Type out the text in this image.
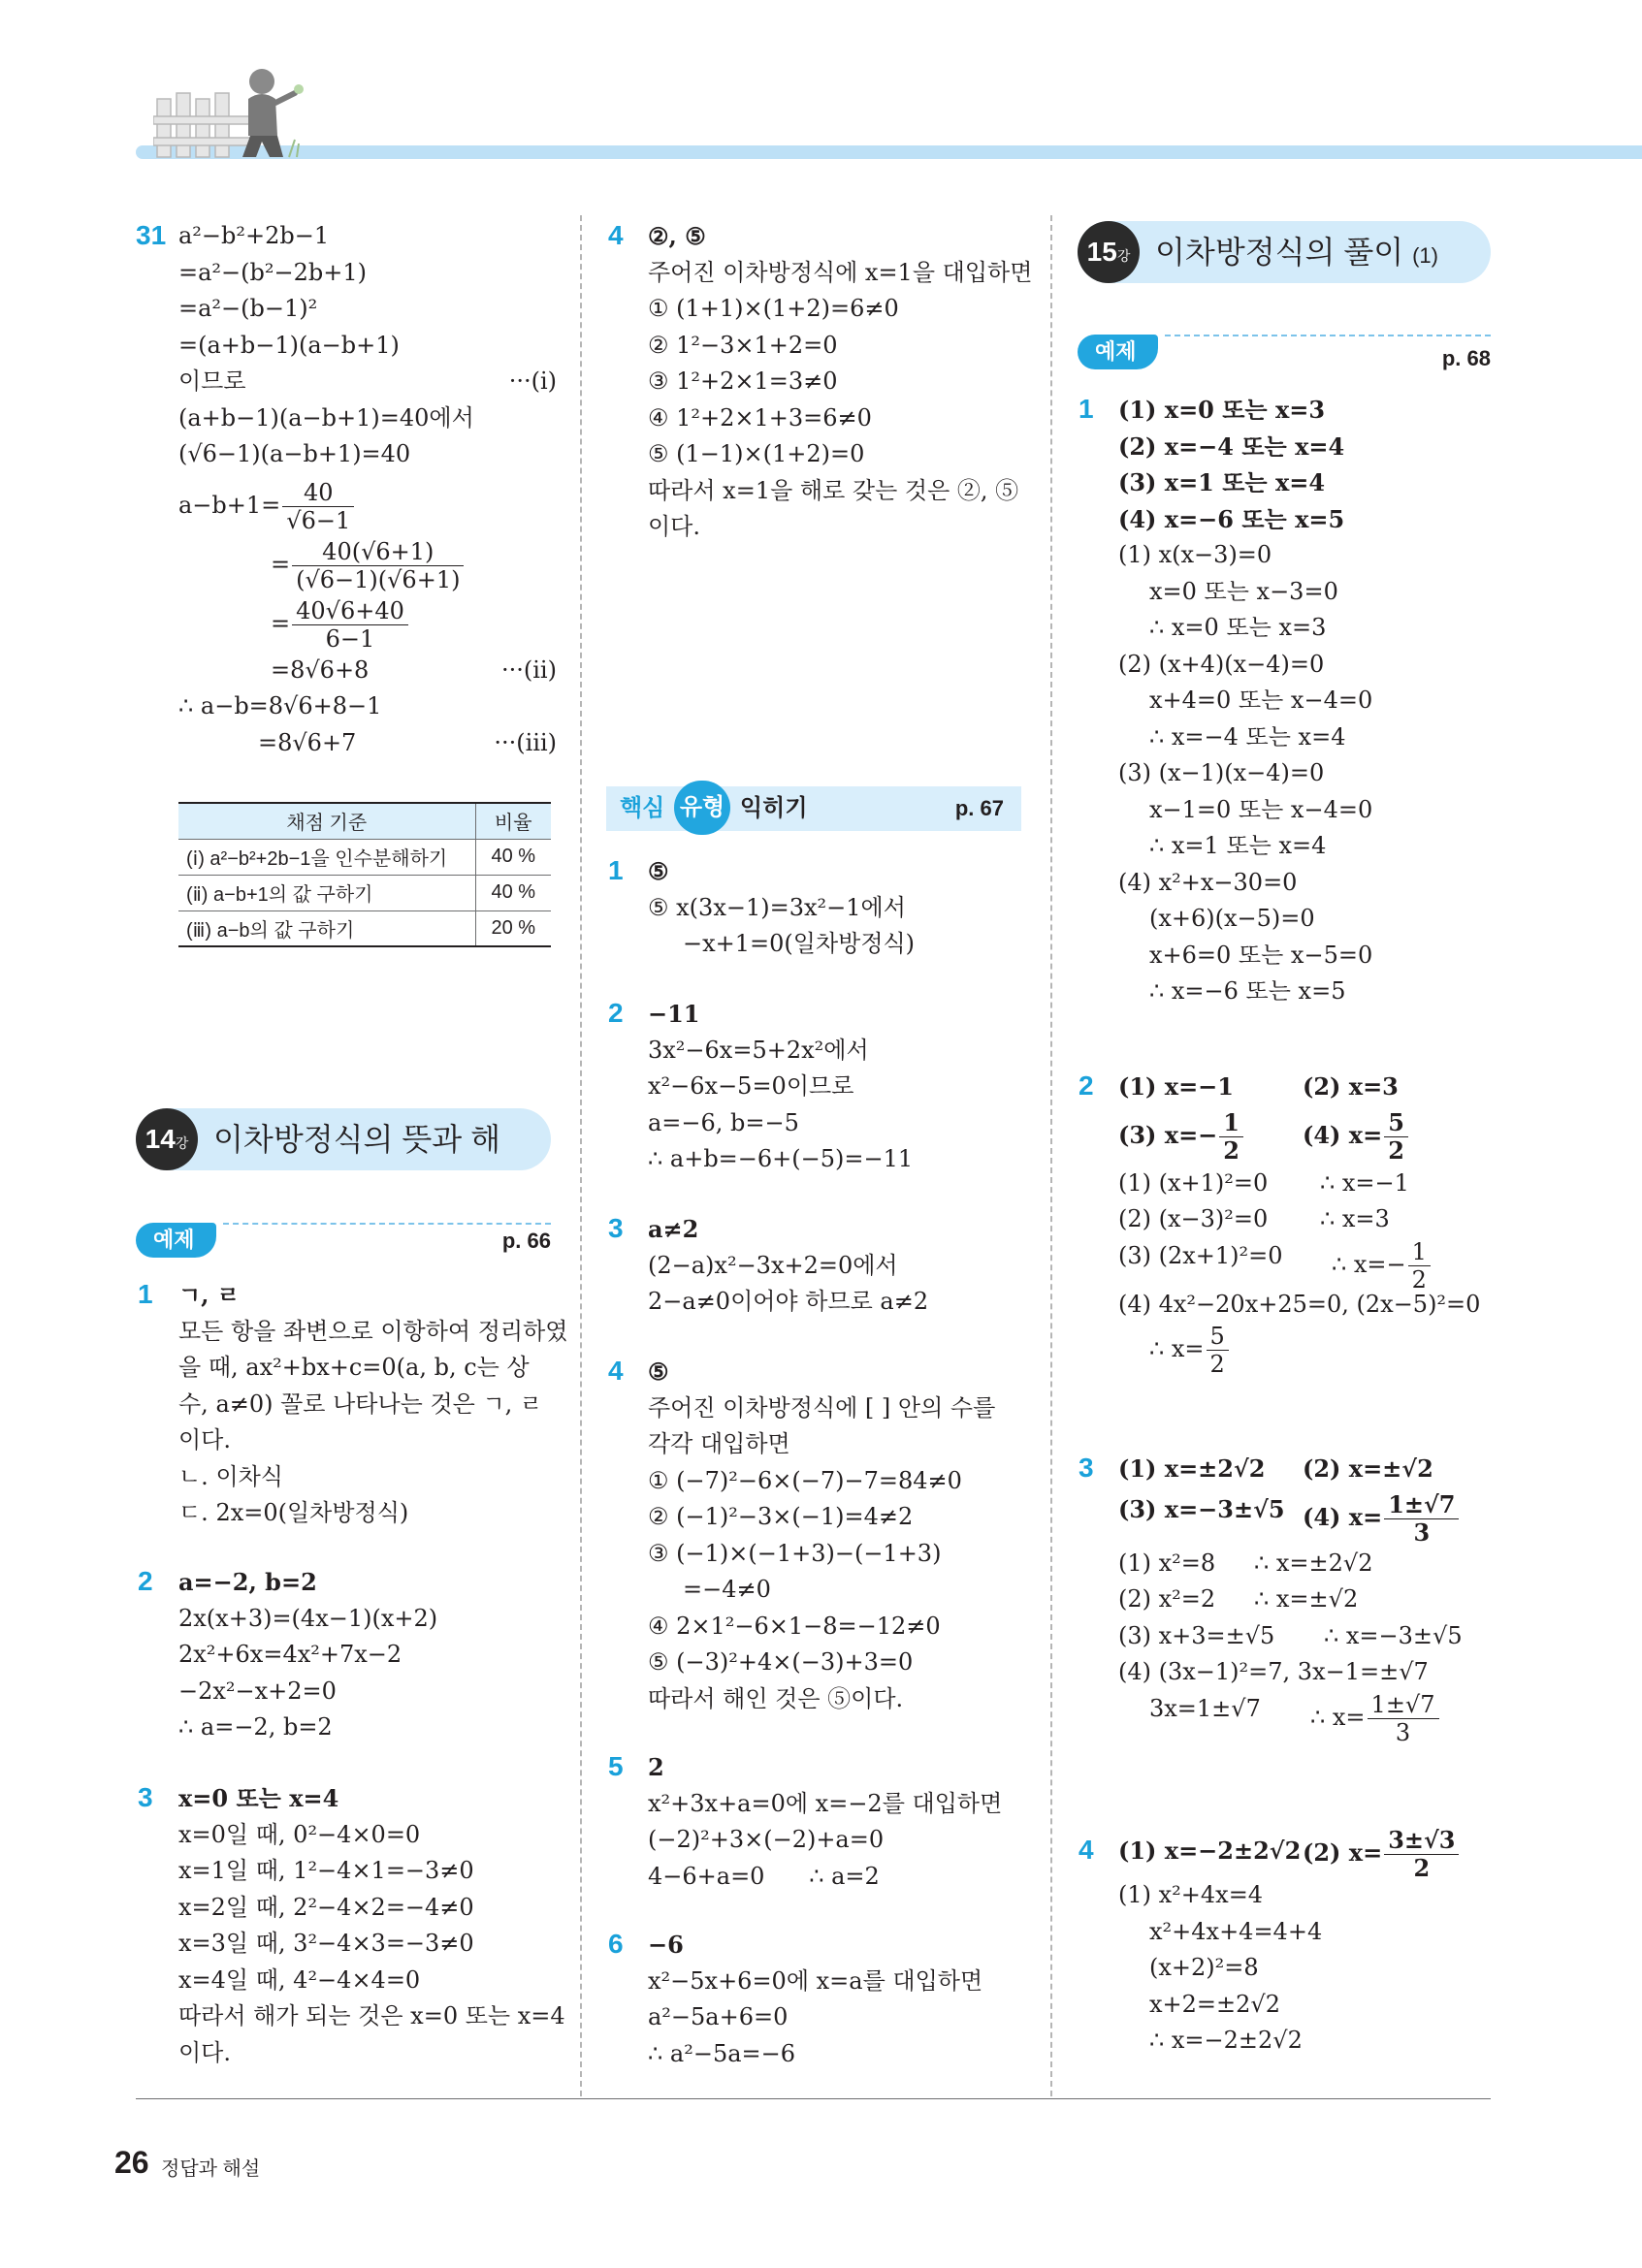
31 a²−b²+2b−1
=a²−(b²−2b+1)
=a²−(b−1)²
=(a+b−1)(a−b+1)
이므로	···(ⅰ)
(a+b−1)(a−b+1)=40에서
(√6−1)(a−b+1)=40
$a-b+1= \frac{40}{√6-1}$
= $\frac{40(√6+1)}{(√6-1)(√6+1)}$
= $\frac{40√6+40}{6-1}$
=8√6+8	···(ⅱ)
∴ a−b=8√6+8−1
=8√6+7	···(ⅲ)
채점 기준	비율
(ⅰ) a²−b²+2b−1을 인수분해하기	40 %
(ⅱ) a−b+1의 값 구하기	40 %
(ⅲ) a−b의 값 구하기	20 %
14강 이차방정식의 뜻과 해
예제	p. 66
1 ㄱ, ㄹ
모든 항을 좌변으로 이항하여 정리하였
을 때, ax²+bx+c=0(a, b, c는 상
수, a≠0) 꼴로 나타나는 것은 ㄱ, ㄹ
이다.
ㄴ. 이차식
ㄷ. 2x=0(일차방정식)
2 a=−2, b=2
2x(x+3)=(4x−1)(x+2)
2x²+6x=4x²+7x−2
−2x²−x+2=0
∴ a=−2, b=2
3 x=0 또는 x=4
x=0일 때, 0²−4×0=0
x=1일 때, 1²−4×1=−3≠0
x=2일 때, 2²−4×2=−4≠0
x=3일 때, 3²−4×3=−3≠0
x=4일 때, 4²−4×4=0
따라서 해가 되는 것은 x=0 또는 x=4
이다.
4 ②, ⑤
주어진 이차방정식에 x=1을 대입하면
① (1+1)×(1+2)=6≠0
② 1²−3×1+2=0
③ 1²+2×1=3≠0
④ 1²+2×1+3=6≠0
⑤ (1−1)×(1+2)=0
따라서 x=1을 해로 갖는 것은 ②, ⑤
이다.
핵심 유형 익히기	p. 67
1 ⑤
⑤ x(3x−1)=3x²−1에서
−x+1=0(일차방정식)
2 −11
3x²−6x=5+2x²에서
x²−6x−5=0이므로
a=−6, b=−5
∴ a+b=−6+(−5)=−11
3 a≠2
(2−a)x²−3x+2=0에서
2−a≠0이어야 하므로 a≠2
4 ⑤
주어진 이차방정식에 [ ] 안의 수를
각각 대입하면
① (−7)²−6×(−7)−7=84≠0
② (−1)²−3×(−1)=4≠2
③ (−1)×(−1+3)−(−1+3)
=−4≠0
④ 2×1²−6×1−8=−12≠0
⑤ (−3)²+4×(−3)+3=0
따라서 해인 것은 ⑤이다.
5 2
x²+3x+a=0에 x=−2를 대입하면
(−2)²+3×(−2)+a=0
4−6+a=0      ∴ a=2
6 −6
x²−5x+6=0에 x=a를 대입하면
a²−5a+6=0
∴ a²−5a=−6
15강 이차방정식의 풀이 (1)
예제	p. 68
1 (1) x=0 또는 x=3
(2) x=−4 또는 x=4
(3) x=1 또는 x=4
(4) x=−6 또는 x=5
(1) x(x−3)=0
x=0 또는 x−3=0
∴ x=0 또는 x=3
(2) (x+4)(x−4)=0
x+4=0 또는 x−4=0
∴ x=−4 또는 x=4
(3) (x−1)(x−4)=0
x−1=0 또는 x−4=0
∴ x=1 또는 x=4
(4) x²+x−30=0
(x+6)(x−5)=0
x+6=0 또는 x−5=0
∴ x=−6 또는 x=5
2 (1) x=−1	(2) x=3
(3) $x=- \frac{1}{2}$	(4) $x= \frac{5}{2}$
(1) (x+1)²=0 ∴ x=−1
(2) (x−3)²=0 ∴ x=3
(3) (2x+1)²=0 ∴ $x=- \frac{1}{2}$
(4) 4x²−20x+25=0, (2x−5)²=0
∴ $x= \frac{5}{2}$
3 (1) x=±2√2 (2) x=±√2
(3) x=−3±√5 (4) $x= \frac{1\pm√7}{3}$
(1) x²=8 ∴ x=±2√2
(2) x²=2 ∴ x=±√2
(3) x+3=±√5 ∴ x=−3±√5
(4) (3x−1)²=7, 3x−1=±√7
3x=1±√7 ∴ $x= \frac{1\pm√7}{3}$
4 (1) x=−2±2√2 (2) $x= \frac{3\pm√3}{2}$
(1) x²+4x=4
x²+4x+4=4+4
(x+2)²=8
x+2=±2√2
∴ x=−2±2√2
26 정답과 해설
